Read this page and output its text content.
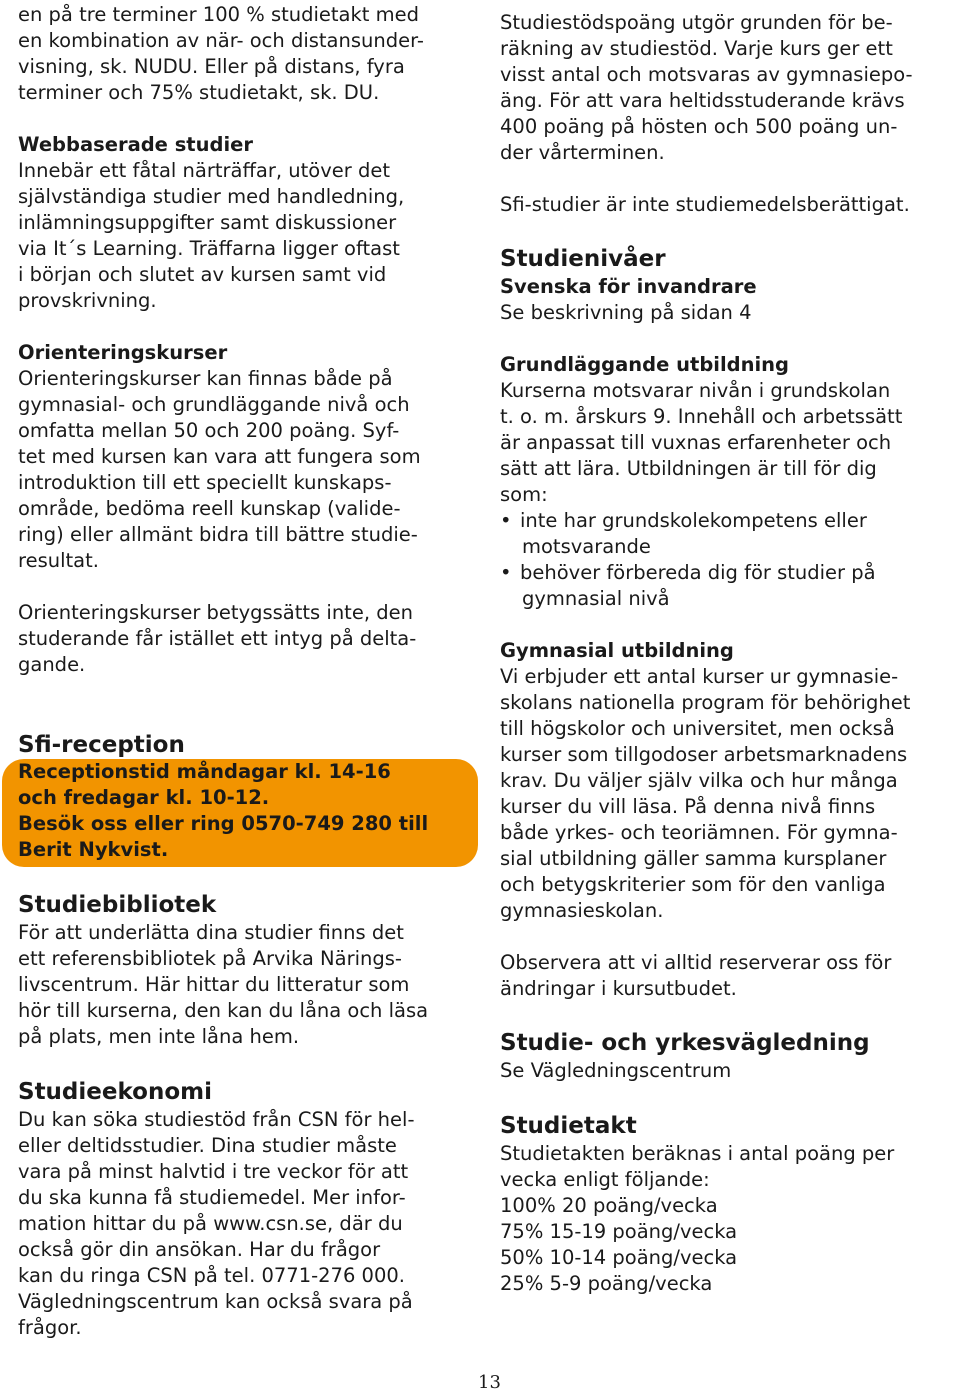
en på tre terminer 100 % studietakt med
en kombination av när- och distansunder-
visning, sk. NUDU. Eller på distans, fyra
terminer och 75% studietakt, sk. DU.
Webbaserade studier
Innebär ett fåtal närträffar, utöver det
självständiga studier med handledning,
inlämningsuppgifter samt diskussioner
via It´s Learning. Träffarna ligger oftast
i början och slutet av kursen samt vid
provskrivning.
Orienteringskurser
Orienteringskurser kan finnas både på
gymnasial- och grundläggande nivå och
omfatta mellan 50 och 200 poäng. Syf-
tet med kursen kan vara att fungera som
introduktion till ett speciellt kunskaps-
område, bedöma reell kunskap (valide-
ring) eller allmänt bidra till bättre studie-
resultat.
Orienteringskurser betygssätts inte, den
studerande får istället ett intyg på delta-
gande.
Sfi-reception
Receptionstid måndagar kl. 14-16
och fredagar kl. 10-12.
Besök oss eller ring 0570-749 280 till
Berit Nykvist.
Studiebibliotek
För att underlätta dina studier finns det
ett referensbibliotek på Arvika Närings-
livscentrum. Här hittar du litteratur som
hör till kurserna, den kan du låna och läsa
på plats, men inte låna hem.
Studieekonomi
Du kan söka studiestöd från CSN för hel-
eller deltidsstudier. Dina studier måste
vara på minst halvtid i tre veckor för att
du ska kunna få studiemedel. Mer infor-
mation hittar du på www.csn.se, där du
också gör din ansökan. Har du frågor
kan du ringa CSN på tel. 0771-276 000.
Vägledningscentrum kan också svara på
frågor.
Studiestödspoäng utgör grunden för be-
räkning av studiestöd. Varje kurs ger ett
visst antal och motsvaras av gymnasiepo-
äng. För att vara heltidsstuderande krävs
400 poäng på hösten och 500 poäng un-
der vårterminen.
Sfi-studier är inte studiemedelsberättigat.
Studienivåer
Svenska för invandrare
Se beskrivning på sidan 4
Grundläggande utbildning
Kurserna motsvarar nivån i grundskolan
t. o. m. årskurs 9. Innehåll och arbetssätt
är anpassat till vuxnas erfarenheter och
sätt att lära. Utbildningen är till för dig
som:
• inte har grundskolekompetens eller
motsvarande
• behöver förbereda dig för studier på
gymnasial nivå
Gymnasial utbildning
Vi erbjuder ett antal kurser ur gymnasie-
skolans nationella program för behörighet
till högskolor och universitet, men också
kurser som tillgodoser arbetsmarknadens
krav. Du väljer själv vilka och hur många
kurser du vill läsa. På denna nivå finns
både yrkes- och teoriämnen. För gymna-
sial utbildning gäller samma kursplaner
och betygskriterier som för den vanliga
gymnasieskolan.
Observera att vi alltid reserverar oss för
ändringar i kursutbudet.
Studie- och yrkesvägledning
Se Vägledningscentrum
Studietakt
Studietakten beräknas i antal poäng per
vecka enligt följande:
100% 20 poäng/vecka
75% 15-19 poäng/vecka
50% 10-14 poäng/vecka
25% 5-9 poäng/vecka
13
